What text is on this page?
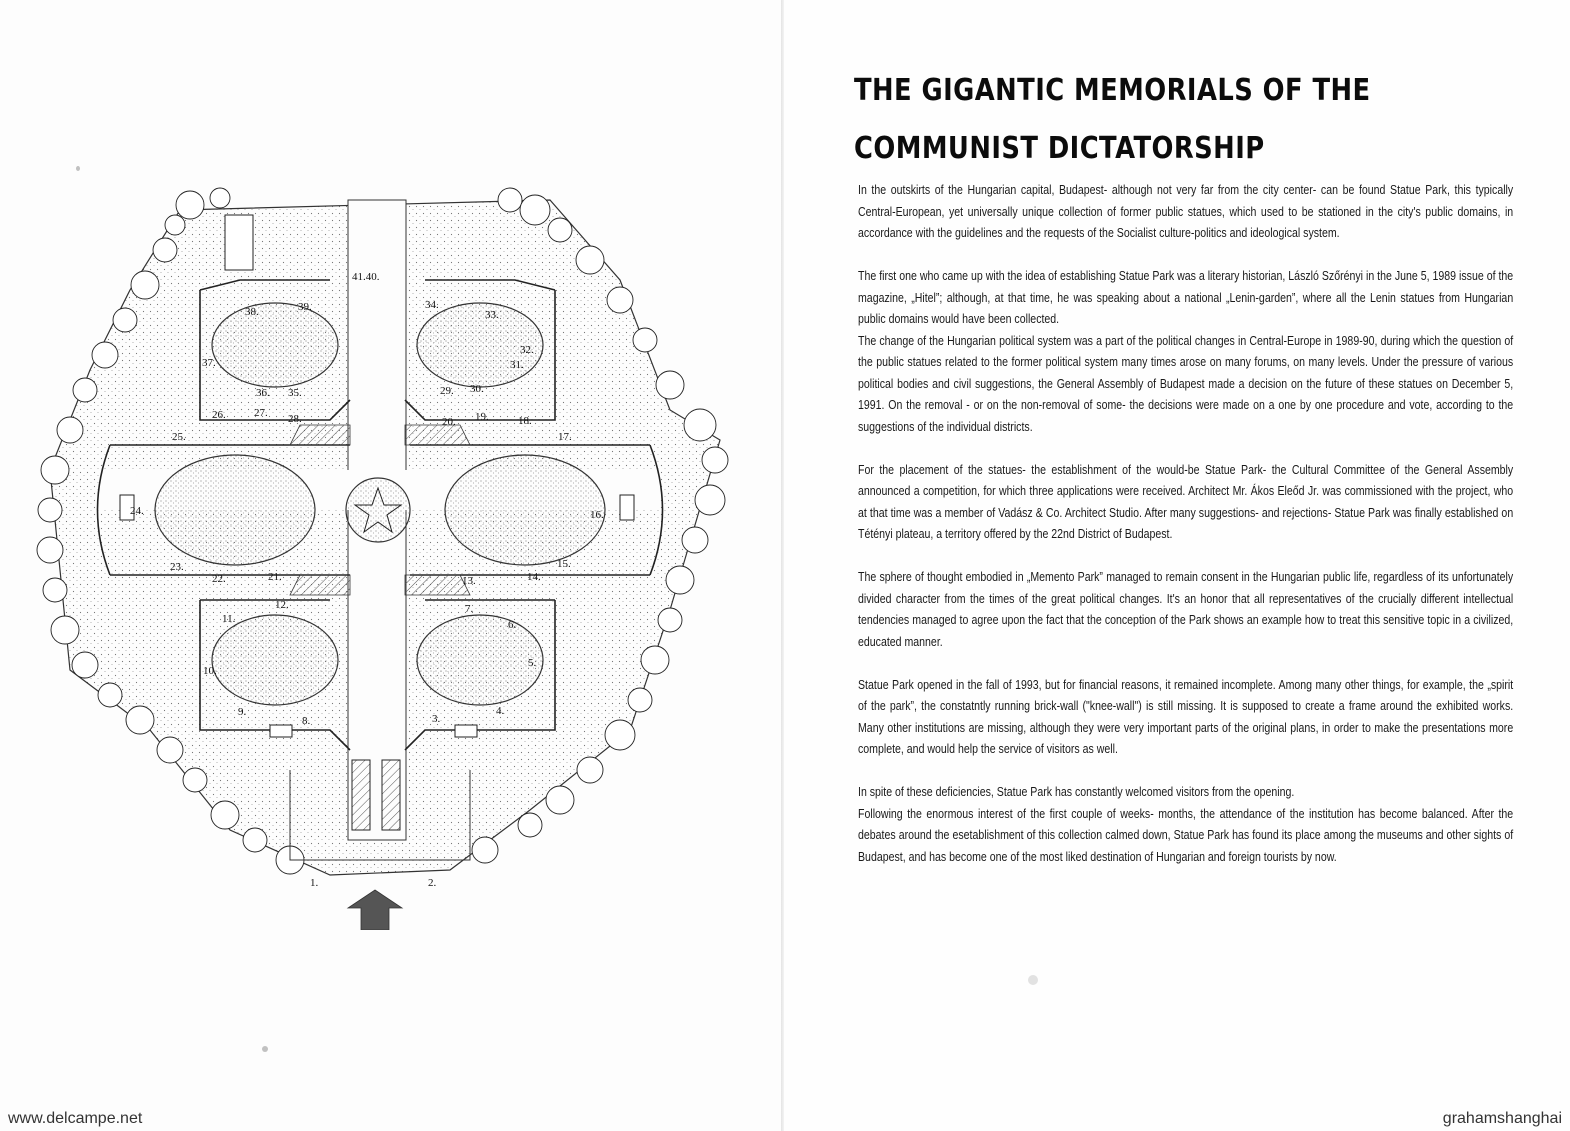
41.40.
38.	39.	34.
33.
32.
37.	31.
36. 35.	29. 30.
26.	27. 28.	20. 19.	18.
25.	17.
24.	16.
23.
22.	21.	13.	14.
15.
12.
11.
7.
6.
10.
5.
9.
8.	3.
4.
1.	2.
THE GIGANTIC MEMORIALS OF THE
COMMUNIST DICTATORSHIP

In the outskirts of the Hungarian capital, Budapest- although not very far from the city center- can be found Statue Park, this typically Central-European, yet universally unique collection of former public statues, which used to be stationed in the city's public domains, in accordance with the guidelines and the requests of the Socialist culture-politics and ideological system.

The first one who came up with the idea of establishing Statue Park was a literary historian, László Szőrényi in the June 5, 1989 issue of the magazine, „Hitel”; although, at that time, he was speaking about a national „Lenin-garden”, where all the Lenin statues from Hungarian public domains would have been collected.

The change of the Hungarian political system was a part of the political changes in Central-Europe in 1989-90, during which the question of the public statues related to the former political system many times arose on many forums, on many levels. Under the pressure of various political bodies and civil suggestions, the General Assembly of Budapest made a decision on the future of these statues on December 5, 1991. On the removal - or on the non-removal of some- the decisions were made on a one by one procedure and vote, according to the suggestions of the individual districts.

For the placement of the statues- the establishment of the would-be Statue Park- the Cultural Committee of the General Assembly announced a competition, for which three applications were received. Architect Mr. Ákos Eleőd Jr. was commissioned with the project, who at that time was a member of Vadász & Co. Architect Studio. After many suggestions- and rejections- Statue Park was finally established on Tétényi plateau, a territory offered by the 22nd District of Budapest.

The sphere of thought embodied in „Memento Park” managed to remain consent in the Hungarian public life, regardless of its unfortunately divided character from the times of the great political changes. It's an honor that all representatives of the crucially different intellectual tendencies managed to agree upon the fact that the conception of the Park shows an example how to treat this sensitive topic in a civilized, educated manner.

Statue Park opened in the fall of 1993, but for financial reasons, it remained incomplete. Among many other things, for example, the „spirit of the park”, the constatntly running brick-wall ("knee-wall") is still missing. It is supposed to create a frame around the exhibited works. Many other institutions are missing, although they were very important parts of the original plans, in order to make the presentations more complete, and would help the service of visitors as well.

In spite of these deficiencies, Statue Park has constantly welcomed visitors from the opening.

Following the enormous interest of the first couple of weeks- months, the attendance of the institution has become balanced. After the debates around the esetablishment of this collection calmed down, Statue Park has found its place among the museums and other sights of Budapest, and has become one of the most liked destination of Hungarian and foreign tourists by now.

www.delcampe.net	grahamshanghai
